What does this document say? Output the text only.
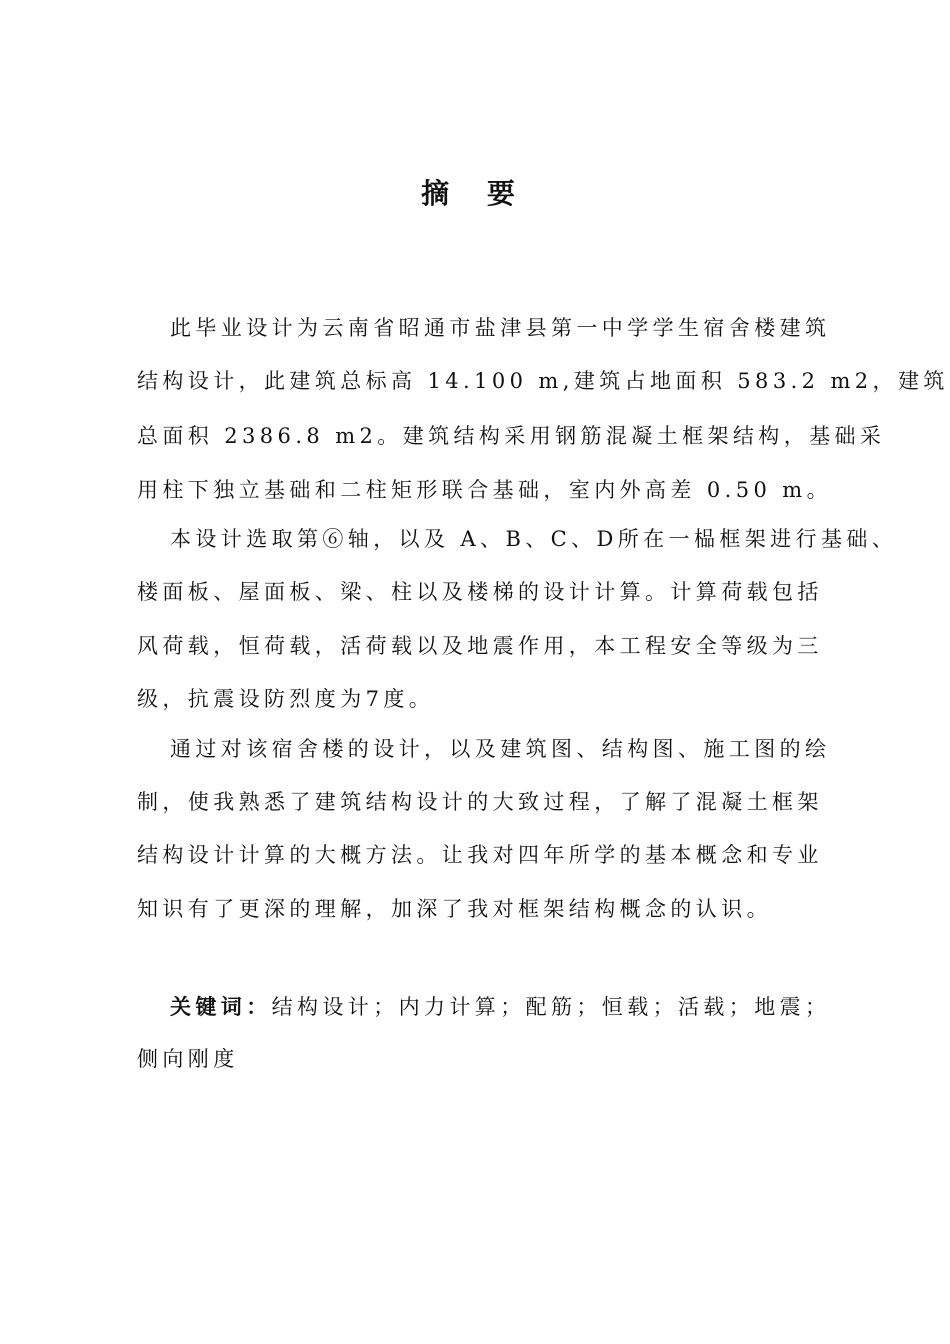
摘 要
此毕业设计为云南省昭通市盐津县第一中学学生宿舍楼建筑
结构设计，此建筑总标高 14.100 m,建筑占地面积 583.2 m2，建筑
总面积 2386.8 m2。建筑结构采用钢筋混凝土框架结构，基础采
用柱下独立基础和二柱矩形联合基础，室内外高差 0.50 m。
本设计选取第⑥轴，以及 A、B、C、D所在一榀框架进行基础、
楼面板、屋面板、梁、柱以及楼梯的设计计算。计算荷载包括
风荷载，恒荷载，活荷载以及地震作用，本工程安全等级为三
级，抗震设防烈度为7度。
通过对该宿舍楼的设计，以及建筑图、结构图、施工图的绘
制，使我熟悉了建筑结构设计的大致过程，了解了混凝土框架
结构设计计算的大概方法。让我对四年所学的基本概念和专业
知识有了更深的理解，加深了我对框架结构概念的认识。
关键词：结构设计；内力计算；配筋；恒载；活载；地震；
侧向刚度
